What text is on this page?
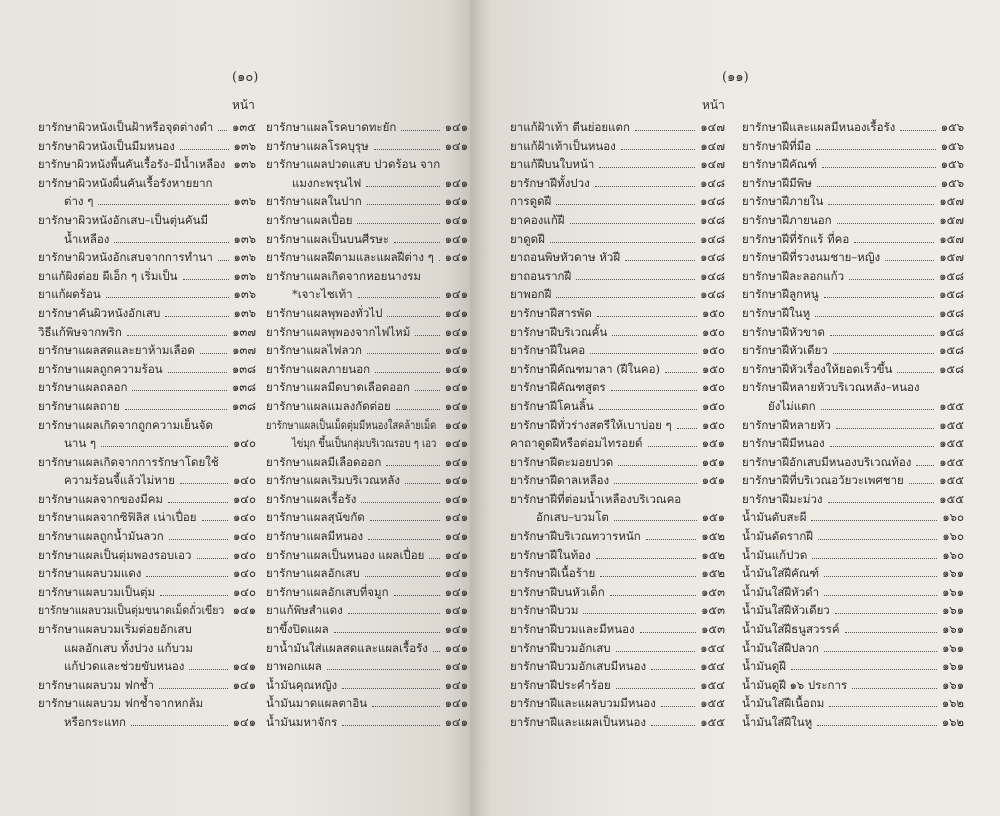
(๑๐)
หน้า
ยารักษาผิวหนังเป็นฝ้าหรือจุดต่างดำ ๑๓๕
ยารักษาผิวหนังเป็นมีมหนอง	๑๓๖
ยารักษาผิวหนังพื้นคันเรื้อรัง–มีน้ำเหลือง ๑๓๖
ยารักษาผิวหนังผื่นคันเรื้อรังหายยาก
ต่าง ๆ	๑๓๖
ยารักษาผิวหนังอักเสบ–เป็นตุ่นคันมี
น้ำเหลือง	๑๓๖
ยารักษาผิวหนังอักเสบจากการทำนา ๑๓๖
ยาแก้ผิงต่อย ผีเอ็ก ๆ เริ่มเป็น	๑๓๖
ยาแก้ผดร้อน	๑๓๖
ยารักษาคันผิวหนังอักเสบ	๑๓๖
วิธีแก้พิษจากพริก	๑๓๗
ยารักษาแผลสดและยาห้ามเลือด	๑๓๗
ยารักษาแผลถูกความร้อน	๑๓๘
ยารักษาแผลถลอก	๑๓๘
ยารักษาแผลถาย	๑๓๘
ยารักษาแผลเกิดจากถูกความเย็นจัด
นาน ๆ	๑๔๐
ยารักษาแผลเกิดจากการรักษาโดยใช้
ความร้อนจี้แล้วไม่หาย	๑๔๐
ยารักษาแผลจากของมีคม	๑๔๐
ยารักษาแผลจากซิฟิลิส เน่าเปื่อย	๑๔๐
ยารักษาแผลถูกน้ำมันลวก	๑๔๐
ยารักษาแผลเป็นตุ่มพองรอบเอว	๑๔๐
ยารักษาแผลบวมแดง	๑๔๐
ยารักษาแผลบวมเป็นตุ่ม	๑๔๐
ยารักษาแผลบวมเป็นตุ่มขนาดเม็ดถั่วเขียว ๑๔๑
ยารักษาแผลบวมเริ่มต่อยอักเสบ
แผลอักเสบ ทั้งปวง แก้บวม
แก้ปวดและช่วยขับหนอง	๑๔๑
ยารักษาแผลบวม ฟกช้ำ	๑๔๑
ยารักษาแผลบวม ฟกช้ำจากหกล้ม
หรือกระแทก	๑๔๑
ยารักษาแผลโรคบาดทะยัก	๑๔๑
ยารักษาแผลโรคบุรุษ	๑๔๑
ยารักษาแผลปวดแสบ ปวดร้อน จาก
แมงกะพรุนไฟ	๑๔๑
ยารักษาแผลในปาก	๑๔๑
ยารักษาแผลเปื่อย	๑๔๑
ยารักษาแผลเป็นบนศีรษะ	๑๔๑
ยารักษาแผลฝีตามและแผลฝีต่าง ๆ ๑๔๑
ยารักษาแผลเกิดจากหอยนางรม
*เจาะไชเท้า	๑๔๑
ยารักษาแผลพุพองทั่วไป	๑๔๑
ยารักษาแผลพุพองจากไฟไหม้	๑๔๑
ยารักษาแผลไฟลวก	๑๔๑
ยารักษาแผลภายนอก	๑๔๑
ยารักษาแผลมีดบาดเลือดออก	๑๔๑
ยารักษาแผลแมลงกัดต่อย	๑๔๑
ยารักษาแผลเป็นเม็ดตุ่มมีหนองใสคล้ายเม็ด ๑๔๑
ไข่มุก ขึ้นเป็นกลุ่มบริเวณรอบ ๆ เอว ๑๔๑
ยารักษาแผลมีเลือดออก	๑๔๑
ยารักษาแผลเริมบริเวณหลัง	๑๔๑
ยารักษาแผลเรื้อรัง	๑๔๑
ยารักษาแผลสุนัขกัด	๑๔๑
ยารักษาแผลมีหนอง	๑๔๑
ยารักษาแผลเป็นหนอง แผลเปื่อย ๑๔๑
ยารักษาแผลอักเสบ	๑๔๑
ยารักษาแผลอักเสบที่จมูก	๑๔๑
ยาแก้พิษสำแดง	๑๔๑
ยาขึ้งปิดแผล	๑๔๑
ยาน้ำมันใส่แผลสดและแผลเรื้อรัง ๑๔๑
ยาพอกแผล	๑๔๑
น้ำมันคุณหญิง	๑๔๑
น้ำมันมาดแผลตาอิน	๑๔๑
น้ำมันมหาจักร	๑๔๑
(๑๑)
หน้า
ยาแก้ฝ้าเท้า ตีนย่อยแตก	๑๔๗
ยาแก้ฝ้าเท้าเป็นหนอง	๑๔๗
ยาแก้ฝีบนใบหน้า	๑๔๗
ยารักษาฝีทั้งปวง	๑๔๘
การดูดฝี	๑๔๘
ยาคองแก้ฝี	๑๔๘
ยาดูดฝี	๑๔๘
ยาถอนพิษหัวดาษ หัวฝี	๑๔๘
ยาถอนรากฝี	๑๔๘
ยาพอกฝี	๑๔๘
ยารักษาฝีสารพัด	๑๕๐
ยารักษาฝีบริเวณคั้น	๑๕๐
ยารักษาฝีในคอ	๑๕๐
ยารักษาฝีคัณฑมาลา (ฝีในคอ)	๑๕๐
ยารักษาฝีคัณฑสูตร	๑๕๐
ยารักษาฝีโคนลิ้น	๑๕๐
ยารักษาฝีทั่วร่างสตรีให้เบาบ่อย ๆ	๑๕๐
คาถาดูดฝีหรือต่อมไทรอยด์	๑๕๑
ยารักษาฝีตะมอยปวด	๑๕๑
ยารักษาฝีดาลเหลือง	๑๕๑
ยารักษาฝีที่ต่อมน้ำเหลืองบริเวณคอ
อักเสบ–บวมโต	๑๕๑
ยารักษาฝีบริเวณทวารหนัก	๑๕๒
ยารักษาฝีในท้อง	๑๕๒
ยารักษาฝีเนื้อร้าย	๑๕๒
ยารักษาฝีบนหัวเด็ก	๑๕๓
ยารักษาฝีบวม	๑๕๓
ยารักษาฝีบวมและมีหนอง	๑๕๓
ยารักษาฝีบวมอักเสบ	๑๕๔
ยารักษาฝีบวมอักเสบมีหนอง	๑๕๔
ยารักษาฝีประคำร้อย	๑๕๔
ยารักษาฝีและแผลบวมมีหนอง	๑๕๕
ยารักษาฝีและแผลเป็นหนอง	๑๕๕
ยารักษาฝีและแผลมีหนองเรื้อรัง	๑๕๖
ยารักษาฝีที่มือ	๑๕๖
ยารักษาฝีคัณฑ์	๑๕๖
ยารักษาฝีมีพิษ	๑๕๖
ยารักษาฝีภายใน	๑๕๗
ยารักษาฝีภายนอก	๑๕๗
ยารักษาฝีที่รักแร้ ที่คอ	๑๕๗
ยารักษาฝีที่รวงนมชาย–หญิง	๑๕๗
ยารักษาฝีละลอกแก้ว	๑๕๘
ยารักษาฝีลูกหนู	๑๕๘
ยารักษาฝีในหู	๑๕๘
ยารักษาฝีหัวขาด	๑๕๘
ยารักษาฝีหัวเดียว	๑๕๘
ยารักษาฝีหัวเรื่องให้ยอดเร็วขึ้น	๑๕๘
ยารักษาฝีหลายหัวบริเวณหลัง–หนอง
ยังไม่แตก	๑๕๕
ยารักษาฝีหลายหัว	๑๕๕
ยารักษาฝีมีหนอง	๑๕๕
ยารักษาฝีอักเสบมีหนองบริเวณท้อง ๑๕๕
ยารักษาฝีที่บริเวณอวัยวะเพศชาย	๑๕๕
ยารักษาฝีมะม่วง	๑๕๕
น้ำมันดับสะผี	๑๖๐
น้ำมันดัดรากฝี	๑๖๐
น้ำมันแก้ปวด	๑๖๐
น้ำมันใส่ฝีคัณฑ์	๑๖๑
น้ำมันใส่ฝีหัวดำ	๑๖๑
น้ำมันใส่ฝีหัวเดียว	๑๖๑
น้ำมันใส่ฝีธนูสวรรค์	๑๖๑
น้ำมันใส่ฝีปลวก	๑๖๑
น้ำมันดูฝี	๑๖๑
น้ำมันดูฝี ๑๖ ประการ	๑๖๑
น้ำมันใส่ฝีเนื้อถม	๑๖๒
น้ำมันใส่ฝีในหู	๑๖๒
